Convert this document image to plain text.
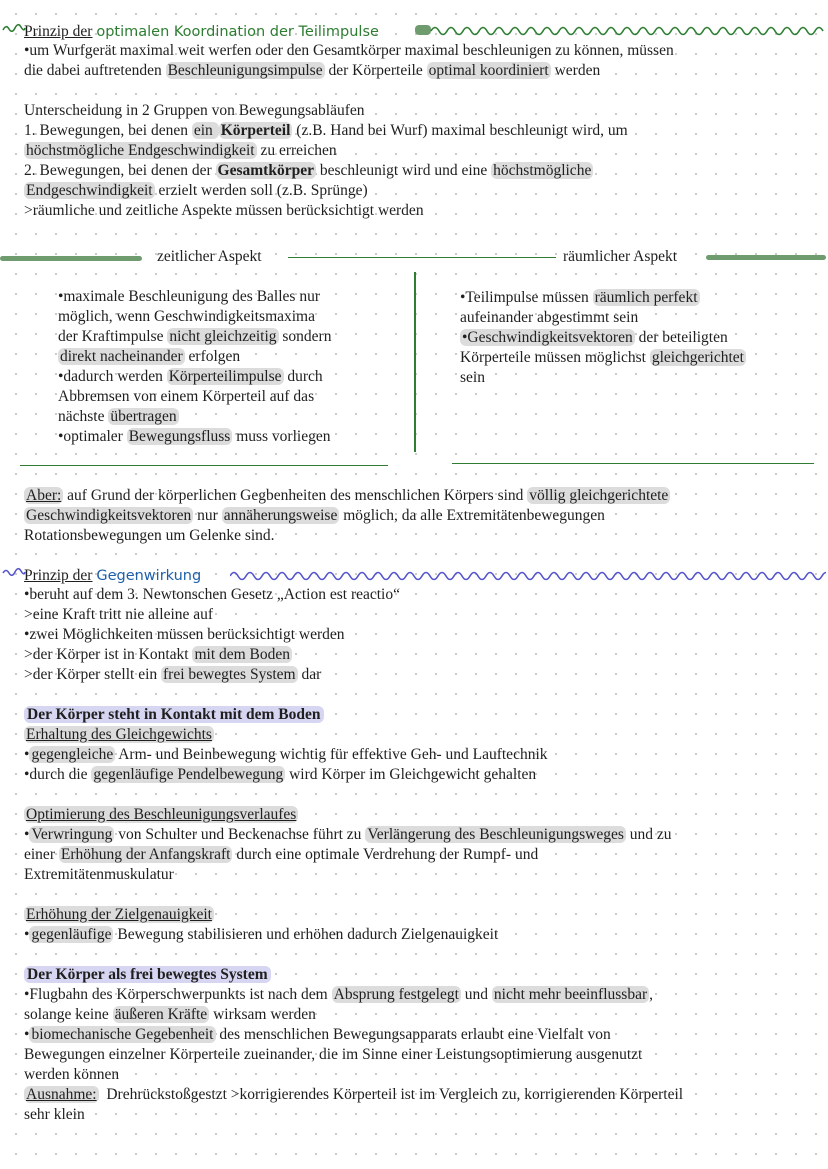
Prinzip der optimalen Koordination der Teilimpulse
•um Wurfgerät maximal weit werfen oder den Gesamtkörper maximal beschleunigen zu können, müssen
die dabei auftretenden Beschleunigungsimpulse der Körperteile optimal koordiniert werden
Unterscheidung in 2 Gruppen von Bewegungsabläufen
1. Bewegungen, bei denen ein Körperteil (z.B. Hand bei Wurf) maximal beschleunigt wird, um
höchstmögliche Endgeschwindigkeit zu erreichen
2. Bewegungen, bei denen der Gesamtkörper beschleunigt wird und eine höchstmögliche
Endgeschwindigkeit erzielt werden soll (z.B. Sprünge)
>räumliche und zeitliche Aspekte müssen berücksichtigt werden
zeitlicher Aspekt	räumlicher Aspekt
•maximale Beschleunigung des Balles nur
möglich, wenn Geschwindigkeitsmaxima
der Kraftimpulse nicht gleichzeitig sondern
direkt nacheinander erfolgen
•dadurch werden Körperteilimpulse durch
Abbremsen von einem Körperteil auf das
nächste übertragen
•optimaler Bewegungsfluss muss vorliegen
•Teilimpulse müssen räumlich perfekt
aufeinander abgestimmt sein
•Geschwindigkeitsvektoren der beteiligten
Körperteile müssen möglichst gleichgerichtet
sein
Aber: auf Grund der körperlichen Gegbenheiten des menschlichen Körpers sind völlig gleichgerichtete
Geschwindigkeitsvektoren nur annäherungsweise möglich, da alle Extremitätenbewegungen
Rotationsbewegungen um Gelenke sind.
Prinzip der Gegenwirkung
•beruht auf dem 3. Newtonschen Gesetz „Action est reactio“
>eine Kraft tritt nie alleine auf
•zwei Möglichkeiten müssen berücksichtigt werden
>der Körper ist in Kontakt mit dem Boden
>der Körper stellt ein frei bewegtes System dar
Der Körper steht in Kontakt mit dem Boden
Erhaltung des Gleichgewichts
• gegengleiche Arm- und Beinbewegung wichtig für effektive Geh- und Lauftechnik
•durch die gegenläufige Pendelbewegung wird Körper im Gleichgewicht gehalten
Optimierung des Beschleunigungsverlaufes
• Verwringung von Schulter und Beckenachse führt zu Verlängerung des Beschleunigungsweges und zu
einer Erhöhung der Anfangskraft durch eine optimale Verdrehung der Rumpf- und
Extremitätenmuskulatur
Erhöhung der Zielgenauigkeit
• gegenläufige Bewegung stabilisieren und erhöhen dadurch Zielgenauigkeit
Der Körper als frei bewegtes System
•Flugbahn des Körperschwerpunkts ist nach dem Absprung festgelegt und nicht mehr beeinflussbar ,
solange keine äußeren Kräfte wirksam werden
• biomechanische Gegebenheit des menschlichen Bewegungsapparats erlaubt eine Vielfalt von
Bewegungen einzelner Körperteile zueinander, die im Sinne einer Leistungsoptimierung ausgenutzt
werden können
Ausnahme:  Drehrückstoßgestzt >korrigierendes Körperteil ist im Vergleich zu, korrigierenden Körperteil
sehr klein
